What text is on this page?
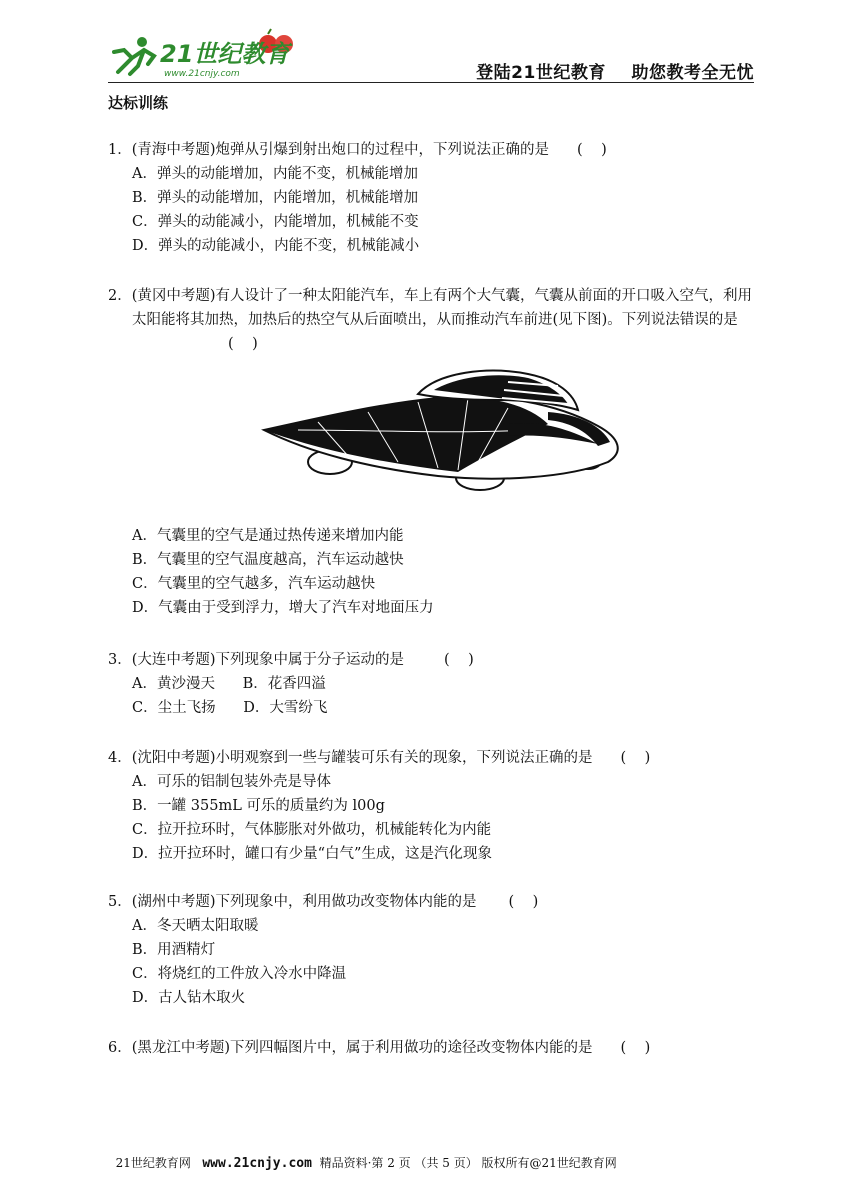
21世纪教育
www.21cnjy.com	登陆21世纪教育    助您教考全无忧
达标训练
1．(青海中考题)炮弹从引爆到射出炮口的过程中，下列说法正确的是 (    )
A．弹头的动能增加，内能不变，机械能增加
B．弹头的动能增加，内能增加，机械能增加
C．弹头的动能减小，内能增加，机械能不变
D．弹头的动能减小，内能不变，机械能减小
2．(黄冈中考题)有人设计了一种太阳能汽车，车上有两个大气囊，气囊从前面的开口吸入空气，利用太阳能将其加热，加热后的热空气从后面喷出，从而推动汽车前进(见下图)。下列说法错误的是(    )
A．气囊里的空气是通过热传递来增加内能
B．气囊里的空气温度越高，汽车运动越快
C．气囊里的空气越多，汽车运动越快
D．气囊由于受到浮力，增大了汽车对地面压力
3．(大连中考题)下列现象中属于分子运动的是	(    )
A．黄沙漫天      B．花香四溢
C．尘土飞扬      D．大雪纷飞
4．(沈阳中考题)小明观察到一些与罐装可乐有关的现象，下列说法正确的是 (    )
A．可乐的铝制包装外壳是导体
B．一罐 355mL 可乐的质量约为 l00g
C．拉开拉环时，气体膨胀对外做功，机械能转化为内能
D．拉开拉环时，罐口有少量“白气”生成，这是汽化现象
5．(湖州中考题)下列现象中，利用做功改变物体内能的是 (    )
A．冬天晒太阳取暖
B．用酒精灯
C．将烧红的工件放入冷水中降温
D．古人钻木取火
6．(黑龙江中考题)下列四幅图片中，属于利用做功的途径改变物体内能的是 (    )

21世纪教育网   www.21cnjy.com  精品资料·第 2 页 （共 5 页） 版权所有@21世纪教育网
